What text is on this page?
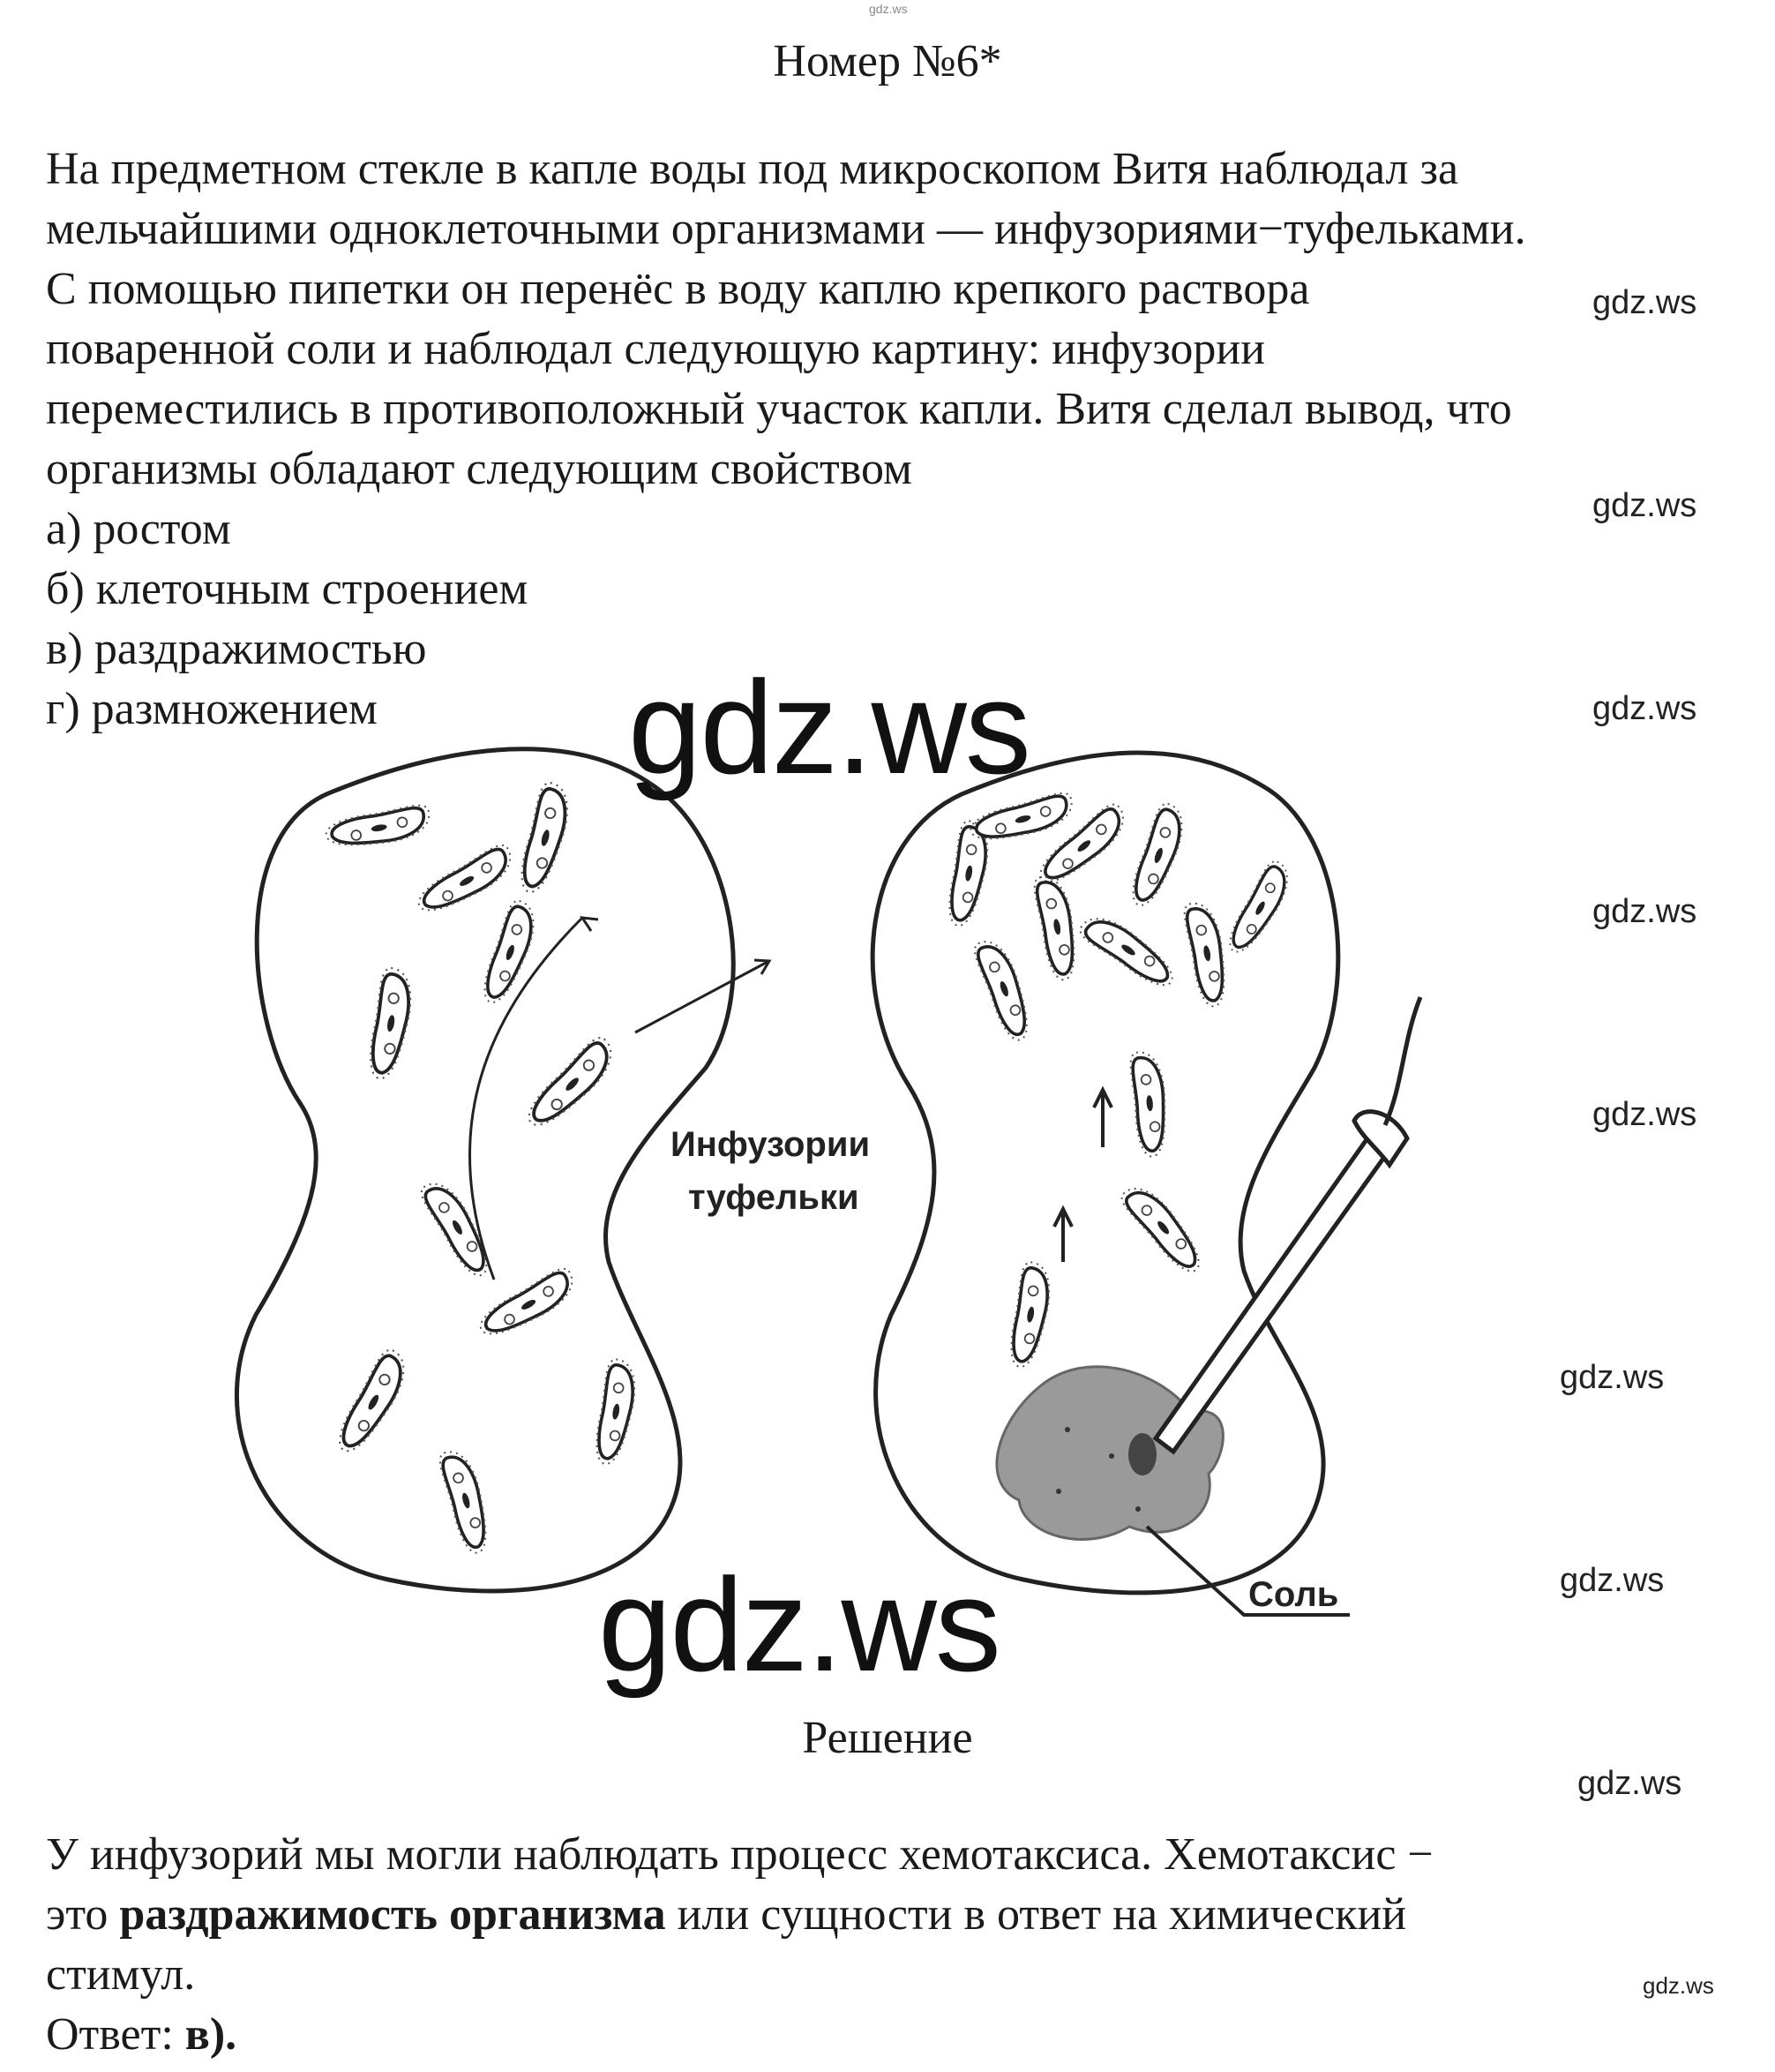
gdz.ws
Номер №6*
На предметном стекле в капле воды под микроскопом Витя наблюдал за
мельчайшими одноклеточными организмами — инфузориями−туфельками.
С помощью пипетки он перенёс в воду каплю крепкого раствора
поваренной соли и наблюдал следующую картину: инфузории
переместились в противоположный участок капли. Витя сделал вывод, что
организмы обладают следующим свойством
а) ростом
б) клеточным строением
в) раздражимостью
г) размножением
gdz.ws
gdz.ws
gdz.ws
gdz.ws
gdz.ws
gdz.ws
gdz.ws
gdz.ws
gdz.ws
Инфузории
туфельки
Соль
gdz.ws
gdz.ws
Решение
У инфузорий мы могли наблюдать процесс хемотаксиса. Хемотаксис −
это раздражимость организма или сущности в ответ на химический
стимул.
Ответ: в).
